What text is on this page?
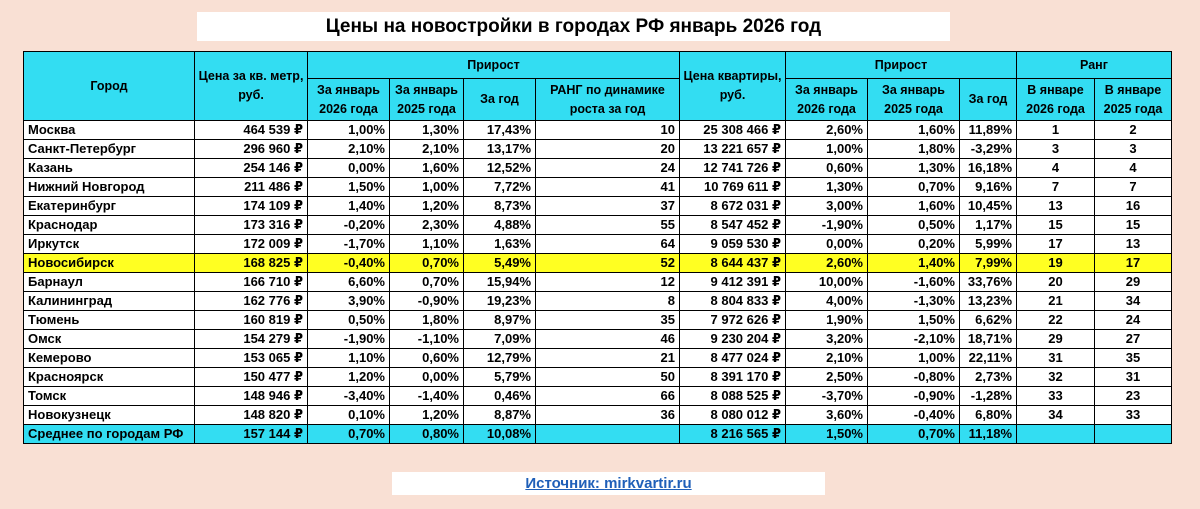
Цены на новостройки в городах РФ январь 2026 год
Город	Цена за кв. метр, руб.	Прирост				Цена квартиры, руб.	Прирост			Ранг	
		За январь 2026 года	За январь 2025 года	За год	РАНГ по динамике роста за год		За январь 2026 года	За январь 2025 года	За год	В январе 2026 года	В январе 2025 года
Москва	464 539 ₽	1,00%	1,30%	17,43%	10	25 308 466 ₽	2,60%	1,60%	11,89%	1	2
Санкт-Петербург	296 960 ₽	2,10%	2,10%	13,17%	20	13 221 657 ₽	1,00%	1,80%	-3,29%	3	3
Казань	254 146 ₽	0,00%	1,60%	12,52%	24	12 741 726 ₽	0,60%	1,30%	16,18%	4	4
Нижний Новгород	211 486 ₽	1,50%	1,00%	7,72%	41	10 769 611 ₽	1,30%	0,70%	9,16%	7	7
Екатеринбург	174 109 ₽	1,40%	1,20%	8,73%	37	8 672 031 ₽	3,00%	1,60%	10,45%	13	16
Краснодар	173 316 ₽	-0,20%	2,30%	4,88%	55	8 547 452 ₽	-1,90%	0,50%	1,17%	15	15
Иркутск	172 009 ₽	-1,70%	1,10%	1,63%	64	9 059 530 ₽	0,00%	0,20%	5,99%	17	13
Новосибирск	168 825 ₽	-0,40%	0,70%	5,49%	52	8 644 437 ₽	2,60%	1,40%	7,99%	19	17
Барнаул	166 710 ₽	6,60%	0,70%	15,94%	12	9 412 391 ₽	10,00%	-1,60%	33,76%	20	29
Калининград	162 776 ₽	3,90%	-0,90%	19,23%	8	8 804 833 ₽	4,00%	-1,30%	13,23%	21	34
Тюмень	160 819 ₽	0,50%	1,80%	8,97%	35	7 972 626 ₽	1,90%	1,50%	6,62%	22	24
Омск	154 279 ₽	-1,90%	-1,10%	7,09%	46	9 230 204 ₽	3,20%	-2,10%	18,71%	29	27
Кемерово	153 065 ₽	1,10%	0,60%	12,79%	21	8 477 024 ₽	2,10%	1,00%	22,11%	31	35
Красноярск	150 477 ₽	1,20%	0,00%	5,79%	50	8 391 170 ₽	2,50%	-0,80%	2,73%	32	31
Томск	148 946 ₽	-3,40%	-1,40%	0,46%	66	8 088 525 ₽	-3,70%	-0,90%	-1,28%	33	23
Новокузнецк	148 820 ₽	0,10%	1,20%	8,87%	36	8 080 012 ₽	3,60%	-0,40%	6,80%	34	33
Среднее по городам РФ	157 144 ₽	0,70%	0,80%	10,08%		8 216 565 ₽	1,50%	0,70%	11,18%		
Источник: mirkvartir.ru
